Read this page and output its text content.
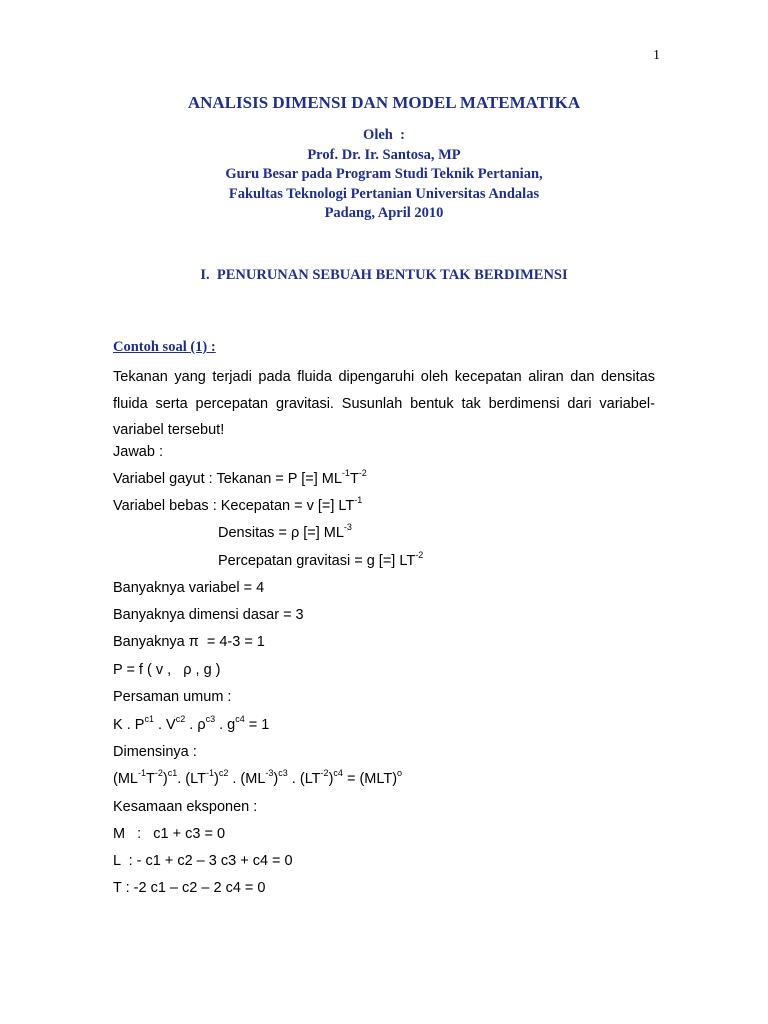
1
ANALISIS DIMENSI DAN MODEL MATEMATIKA
Oleh  :
Prof. Dr. Ir. Santosa, MP
Guru Besar pada Program Studi Teknik Pertanian,
Fakultas Teknologi Pertanian Universitas Andalas
Padang, April 2010
I.  PENURUNAN SEBUAH BENTUK TAK BERDIMENSI
Contoh soal (1) :
Tekanan yang terjadi pada fluida dipengaruhi oleh kecepatan aliran dan densitas fluida serta percepatan gravitasi. Susunlah bentuk tak berdimensi dari variabel-variabel tersebut!
Jawab :
Variabel gayut : Tekanan = P [=] $ML^{-1}T^{-2}$
Variabel bebas : Kecepatan = v [=] $LT^{-1}$
Densitas = ρ [=] $ML^{-3}$
Percepatan gravitasi = g [=] $LT^{-2}$
Banyaknya variabel = 4
Banyaknya dimensi dasar = 3
Banyaknya π  = 4-3 = 1
P = f ( v ,   ρ , g )
Persaman umum :
K . $P^{c1}$ . $V^{c2}$ . $\rho^{c3}$ . $g^{c4} = 1$
Dimensinya :
$(ML^{-1}T^{-2})^{c1}$. $(LT^{-1})^{c2}$ . $(ML^{-3})^{c3}$ . $(LT^{-2})^{c4} = (MLT)^o$
Kesamaan eksponen :
M   :   c1 + c3 = 0
L  : - c1 + c2 – 3 c3 + c4 = 0
T : -2 c1 – c2 – 2 c4 = 0
